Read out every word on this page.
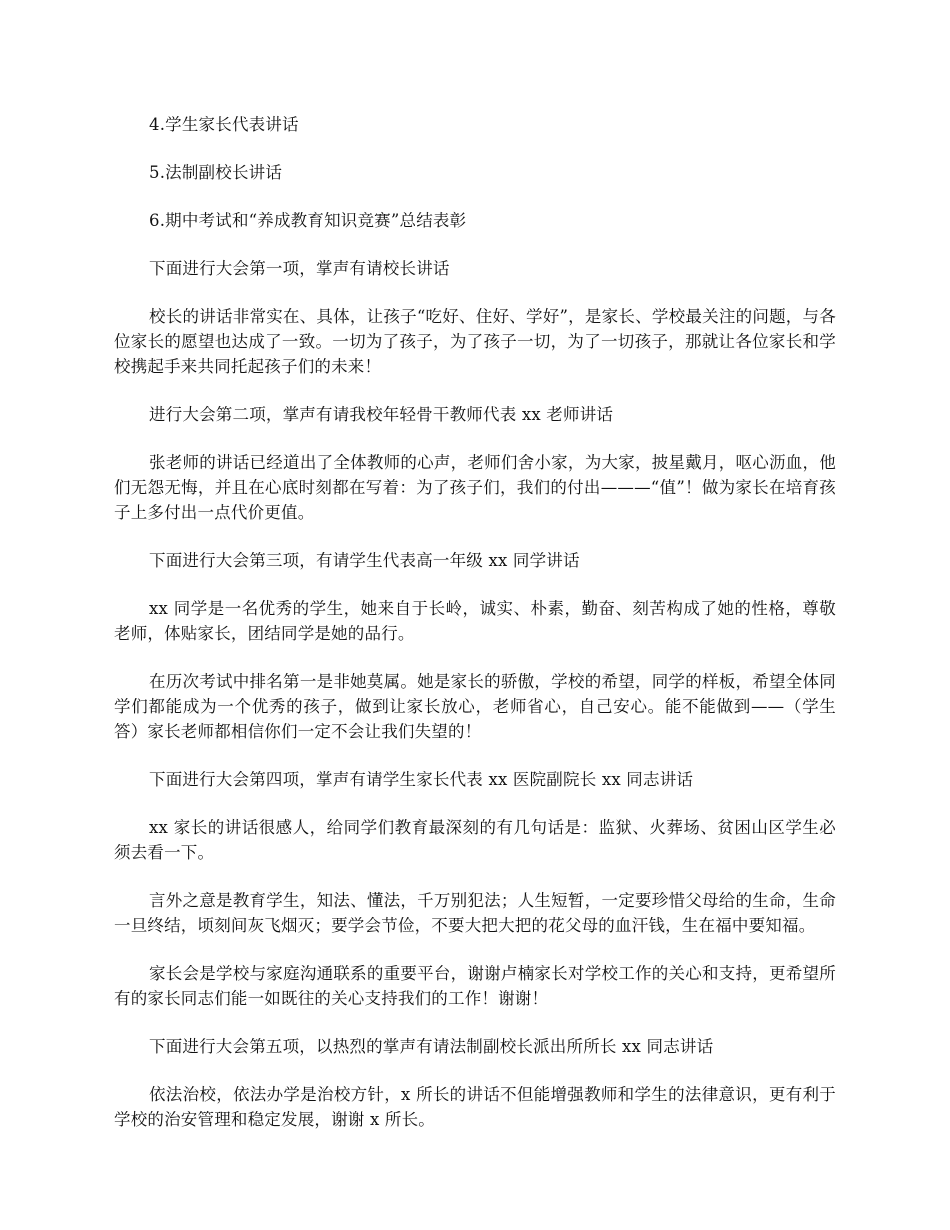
4.学生家长代表讲话

5.法制副校长讲话

6.期中考试和“养成教育知识竞赛”总结表彰

下面进行大会第一项，掌声有请校长讲话

校长的讲话非常实在、具体，让孩子“吃好、住好、学好”，是家长、学校最关注的问题，与各位家长的愿望也达成了一致。一切为了孩子，为了孩子一切，为了一切孩子，那就让各位家长和学校携起手来共同托起孩子们的未来！

进行大会第二项，掌声有请我校年轻骨干教师代表 xx 老师讲话

张老师的讲话已经道出了全体教师的心声，老师们舍小家，为大家，披星戴月，呕心沥血，他们无怨无悔，并且在心底时刻都在写着：为了孩子们，我们的付出———“值”！做为家长在培育孩子上多付出一点代价更值。

下面进行大会第三项，有请学生代表高一年级 xx 同学讲话

xx 同学是一名优秀的学生，她来自于长岭，诚实、朴素，勤奋、刻苦构成了她的性格，尊敬老师，体贴家长，团结同学是她的品行。

在历次考试中排名第一是非她莫属。她是家长的骄傲，学校的希望，同学的样板，希望全体同学们都能成为一个优秀的孩子，做到让家长放心，老师省心，自己安心。能不能做到——（学生答）家长老师都相信你们一定不会让我们失望的！

下面进行大会第四项，掌声有请学生家长代表 xx 医院副院长 xx 同志讲话

xx 家长的讲话很感人，给同学们教育最深刻的有几句话是：监狱、火葬场、贫困山区学生必须去看一下。

言外之意是教育学生，知法、懂法，千万别犯法；人生短暂，一定要珍惜父母给的生命，生命一旦终结，顷刻间灰飞烟灭；要学会节俭，不要大把大把的花父母的血汗钱，生在福中要知福。

家长会是学校与家庭沟通联系的重要平台，谢谢卢楠家长对学校工作的关心和支持，更希望所有的家长同志们能一如既往的关心支持我们的工作！谢谢！

下面进行大会第五项，以热烈的掌声有请法制副校长派出所所长 xx 同志讲话

依法治校，依法办学是治校方针，x 所长的讲话不但能增强教师和学生的法律意识，更有利于学校的治安管理和稳定发展，谢谢 x 所长。
